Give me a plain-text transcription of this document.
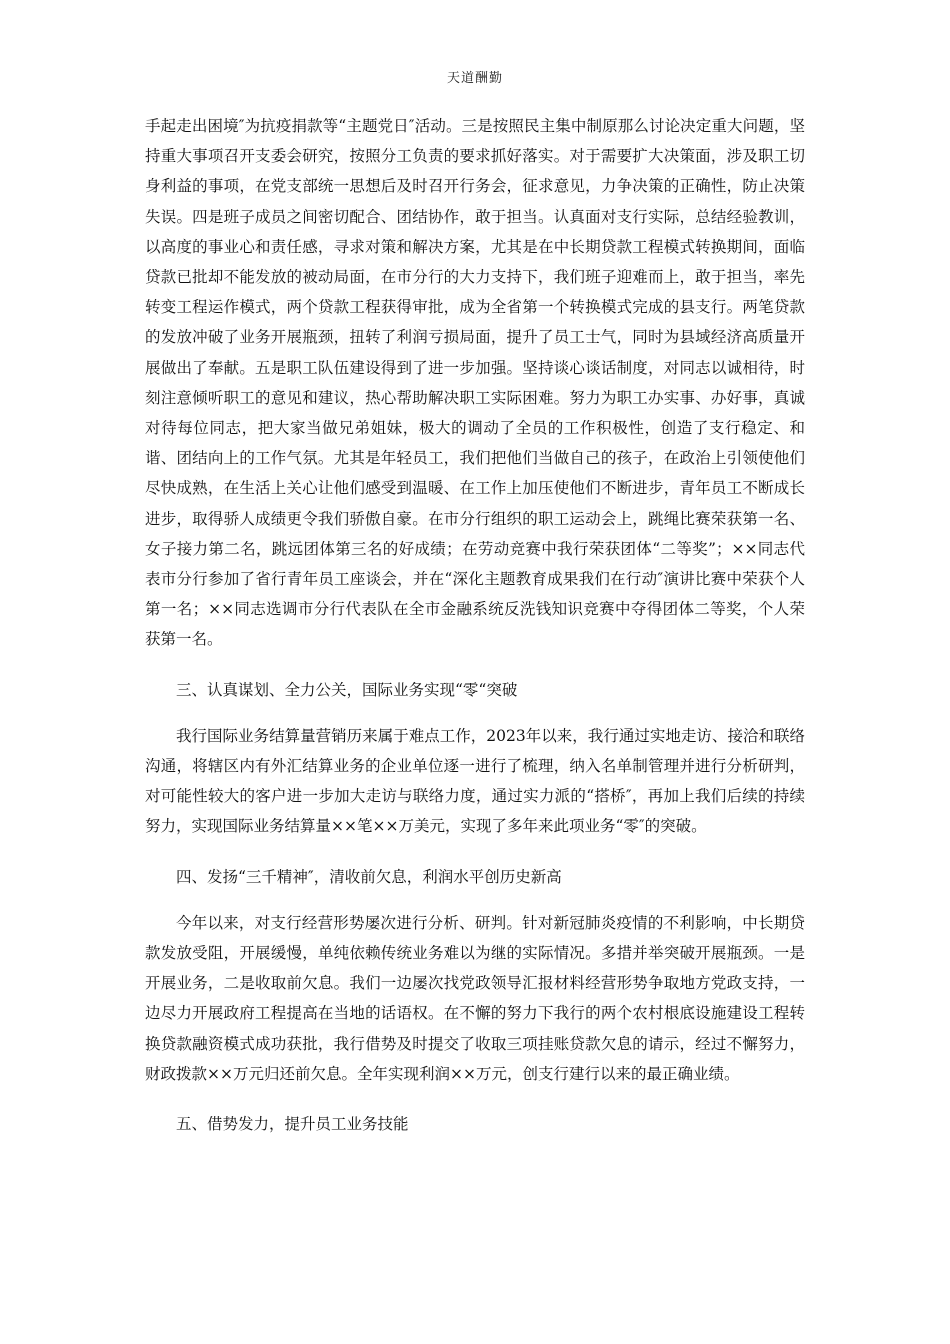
天道酬勤

手起走出困境″为抗疫捐款等“主题党日″活动。三是按照民主集中制原那么讨论决定重大问题，坚持重大事项召开支委会研究，按照分工负责的要求抓好落实。对于需要扩大决策面，涉及职工切身利益的事项，在党支部统一思想后及时召开行务会，征求意见，力争决策的正确性，防止决策失误。四是班子成员之间密切配合、团结协作，敢于担当。认真面对支行实际，总结经验教训，以高度的事业心和责任感，寻求对策和解决方案，尤其是在中长期贷款工程模式转换期间，面临贷款已批却不能发放的被动局面，在市分行的大力支持下，我们班子迎难而上，敢于担当，率先转变工程运作模式，两个贷款工程获得审批，成为全省第一个转换模式完成的县支行。两笔贷款的发放冲破了业务开展瓶颈，扭转了利润亏损局面，提升了员工士气，同时为县域经济高质量开展做出了奉献。五是职工队伍建设得到了进一步加强。坚持谈心谈话制度，对同志以诚相待，时刻注意倾听职工的意见和建议，热心帮助解决职工实际困难。努力为职工办实事、办好事，真诚对待每位同志，把大家当做兄弟姐妹，极大的调动了全员的工作积极性，创造了支行稳定、和谐、团结向上的工作气氛。尤其是年轻员工，我们把他们当做自己的孩子，在政治上引领使他们尽快成熟，在生活上关心让他们感受到温暖、在工作上加压使他们不断进步，青年员工不断成长进步，取得骄人成绩更令我们骄傲自豪。在市分行组织的职工运动会上，跳绳比赛荣获第一名、女子接力第二名，跳远团体第三名的好成绩；在劳动竞赛中我行荣获团体“二等奖”；××同志代表市分行参加了省行青年员工座谈会，并在“深化主题教育成果我们在行动″演讲比赛中荣获个人第一名；××同志选调市分行代表队在全市金融系统反洗钱知识竞赛中夺得团体二等奖，个人荣获第一名。

三、认真谋划、全力公关，国际业务实现“零“突破

我行国际业务结算量营销历来属于难点工作，2023年以来，我行通过实地走访、接洽和联络沟通，将辖区内有外汇结算业务的企业单位逐一进行了梳理，纳入名单制管理并进行分析研判，对可能性较大的客户进一步加大走访与联络力度，通过实力派的“搭桥″，再加上我们后续的持续努力，实现国际业务结算量××笔××万美元，实现了多年来此项业务“零″的突破。

四、发扬“三千精神″，清收前欠息，利润水平创历史新高

今年以来，对支行经营形势屡次进行分析、研判。针对新冠肺炎疫情的不利影响，中长期贷款发放受阻，开展缓慢，单纯依赖传统业务难以为继的实际情况。多措并举突破开展瓶颈。一是开展业务，二是收取前欠息。我们一边屡次找党政领导汇报材料经营形势争取地方党政支持，一边尽力开展政府工程提高在当地的话语权。在不懈的努力下我行的两个农村根底设施建设工程转换贷款融资模式成功获批，我行借势及时提交了收取三项挂账贷款欠息的请示，经过不懈努力，财政拨款××万元归还前欠息。全年实现利润××万元，创支行建行以来的最正确业绩。

五、借势发力，提升员工业务技能
